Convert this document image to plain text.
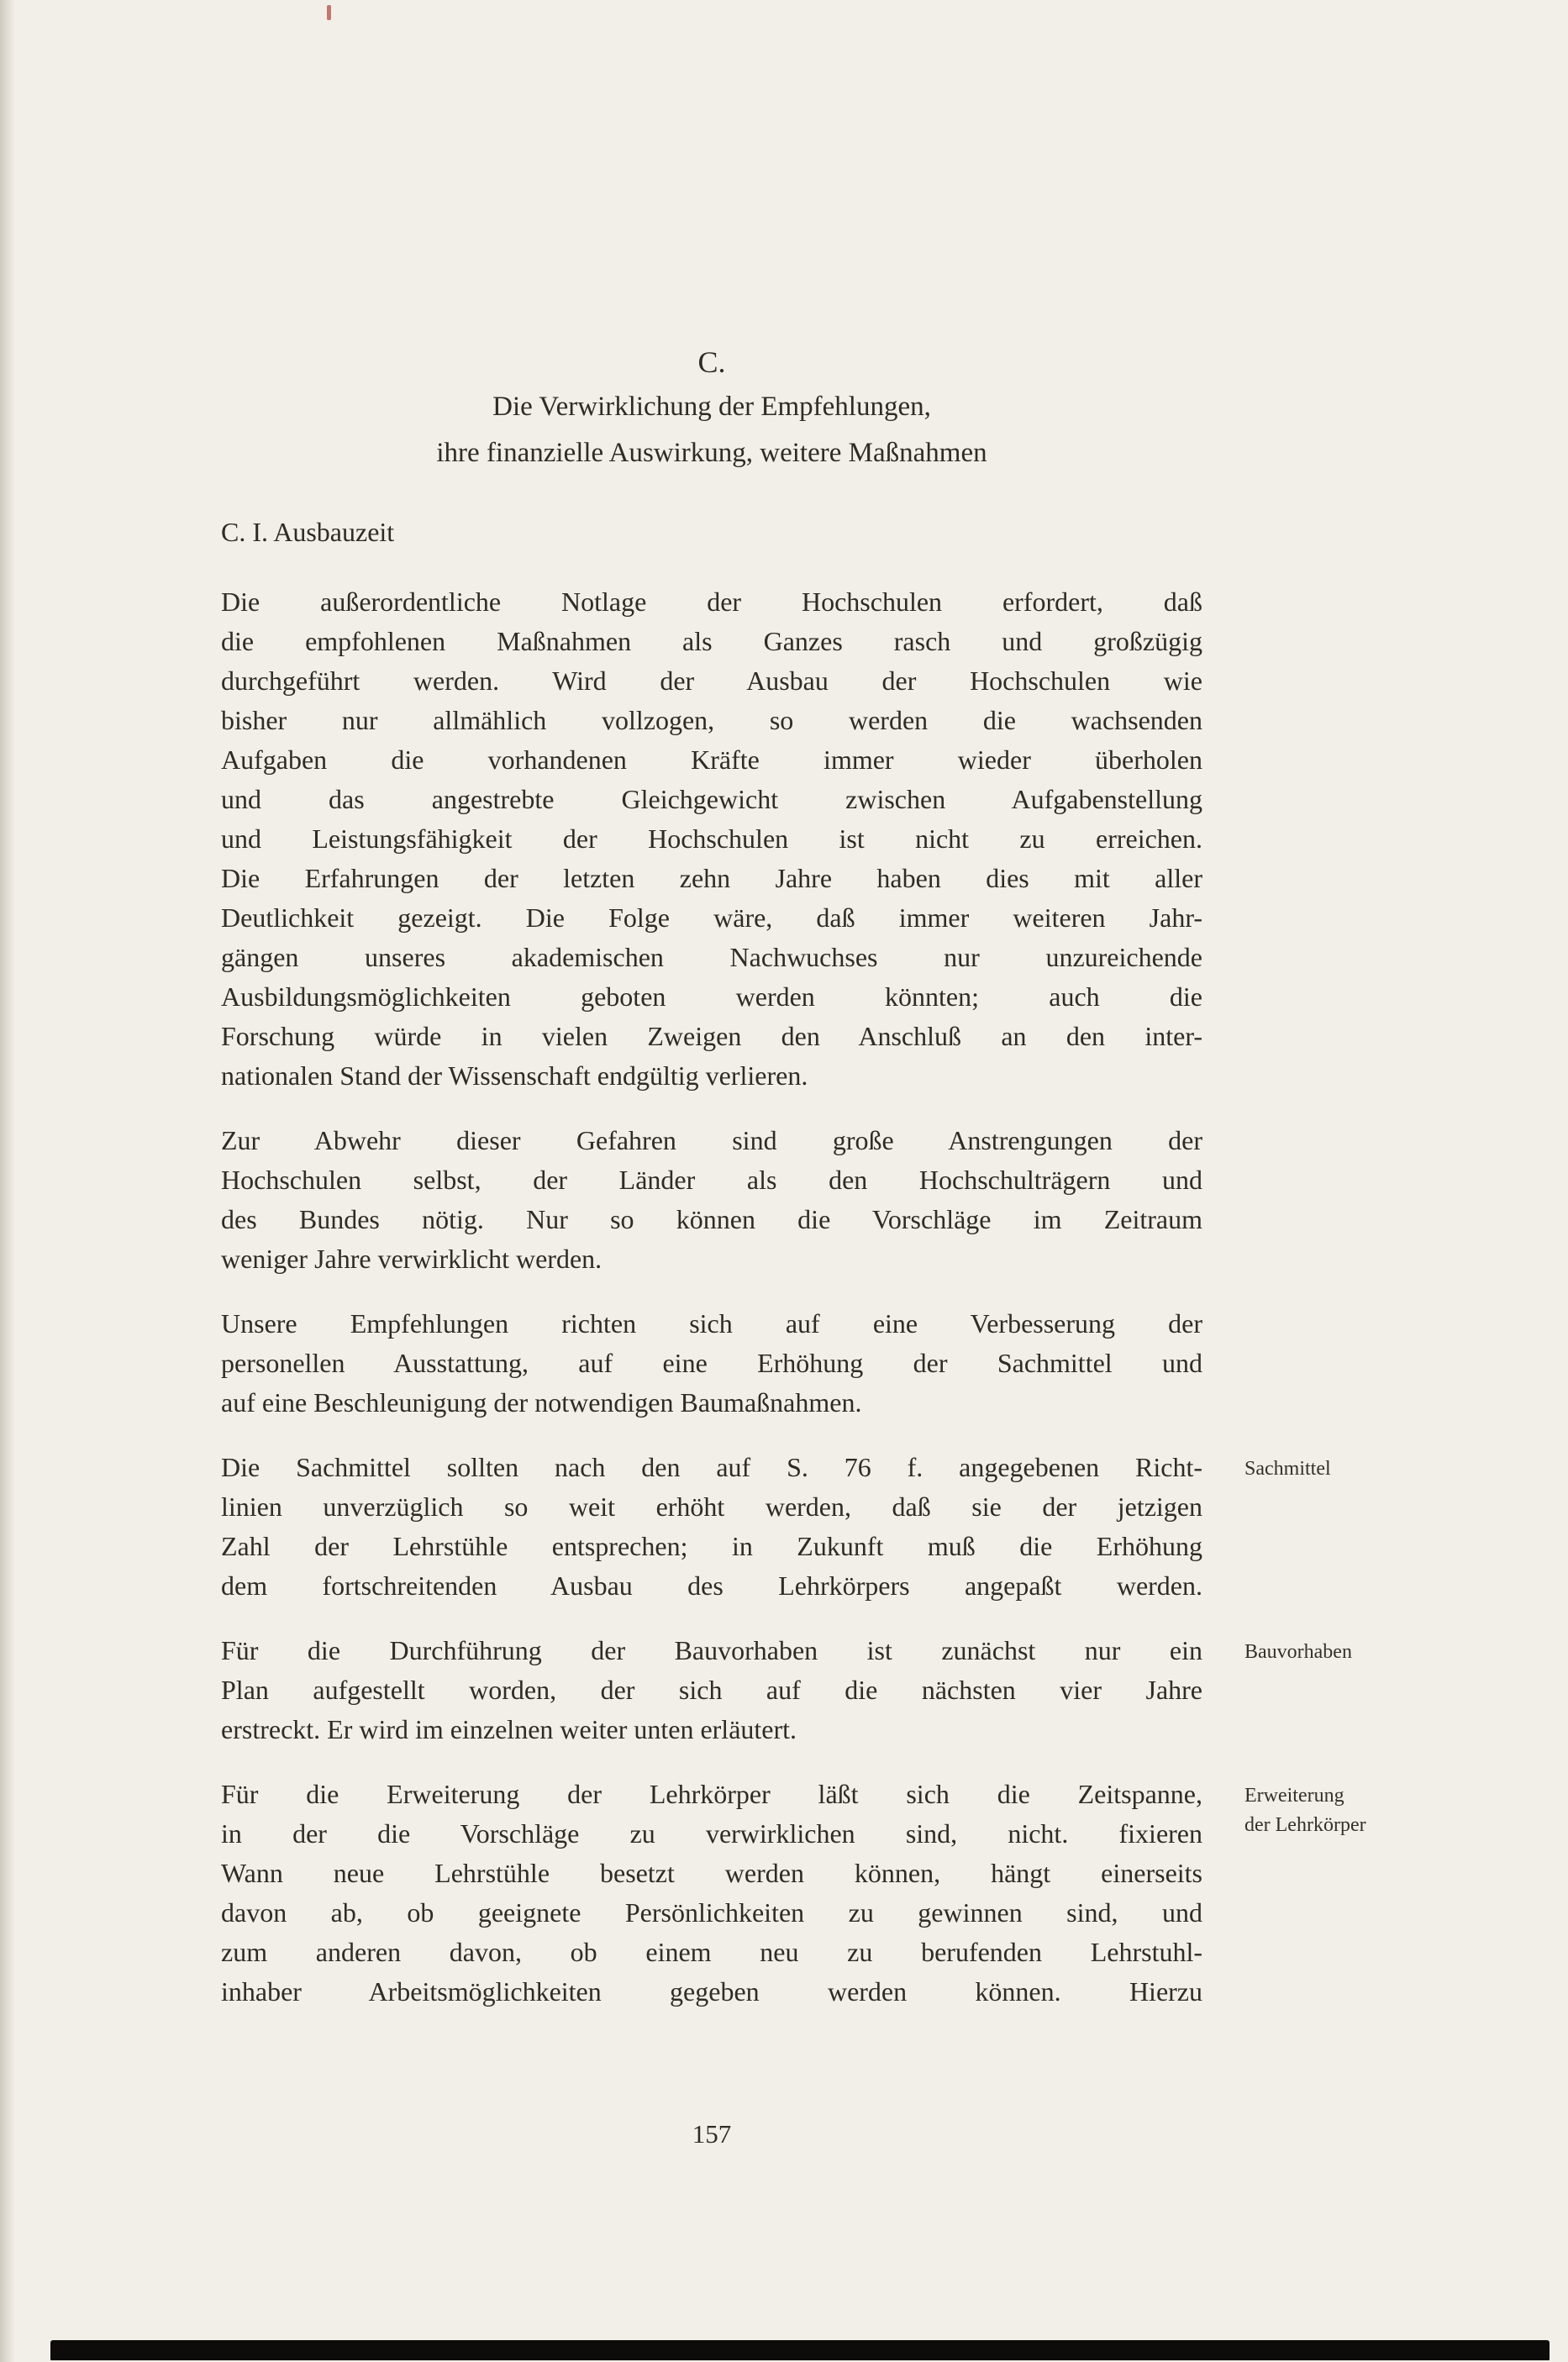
C.
Die Verwirklichung der Empfehlungen,
ihre finanzielle Auswirkung, weitere Maßnahmen
C. I. Ausbauzeit
Die außerordentliche Notlage der Hochschulen erfordert, daß
die empfohlenen Maßnahmen als Ganzes rasch und großzügig
durchgeführt werden. Wird der Ausbau der Hochschulen wie
bisher nur allmählich vollzogen, so werden die wachsenden
Aufgaben die vorhandenen Kräfte immer wieder überholen
und das angestrebte Gleichgewicht zwischen Aufgabenstellung
und Leistungsfähigkeit der Hochschulen ist nicht zu erreichen.
Die Erfahrungen der letzten zehn Jahre haben dies mit aller
Deutlichkeit gezeigt. Die Folge wäre, daß immer weiteren Jahr-
gängen unseres akademischen Nachwuchses nur unzureichende
Ausbildungsmöglichkeiten geboten werden könnten; auch die
Forschung würde in vielen Zweigen den Anschluß an den inter-
nationalen Stand der Wissenschaft endgültig verlieren.
Zur Abwehr dieser Gefahren sind große Anstrengungen der
Hochschulen selbst, der Länder als den Hochschulträgern und
des Bundes nötig. Nur so können die Vorschläge im Zeitraum
weniger Jahre verwirklicht werden.
Unsere Empfehlungen richten sich auf eine Verbesserung der
personellen Ausstattung, auf eine Erhöhung der Sachmittel und
auf eine Beschleunigung der notwendigen Baumaßnahmen.
Sachmittel
Die Sachmittel sollten nach den auf S. 76 f. angegebenen Richt-
linien unverzüglich so weit erhöht werden, daß sie der jetzigen
Zahl der Lehrstühle entsprechen; in Zukunft muß die Erhöhung
dem fortschreitenden Ausbau des Lehrkörpers angepaßt werden.
Bauvorhaben
Für die Durchführung der Bauvorhaben ist zunächst nur ein
Plan aufgestellt worden, der sich auf die nächsten vier Jahre
erstreckt. Er wird im einzelnen weiter unten erläutert.
Erweiterung
der Lehrkörper
Für die Erweiterung der Lehrkörper läßt sich die Zeitspanne,
in der die Vorschläge zu verwirklichen sind, nicht. fixieren
Wann neue Lehrstühle besetzt werden können, hängt einerseits
davon ab, ob geeignete Persönlichkeiten zu gewinnen sind, und
zum anderen davon, ob einem neu zu berufenden Lehrstuhl-
inhaber Arbeitsmöglichkeiten gegeben werden können. Hierzu
157
